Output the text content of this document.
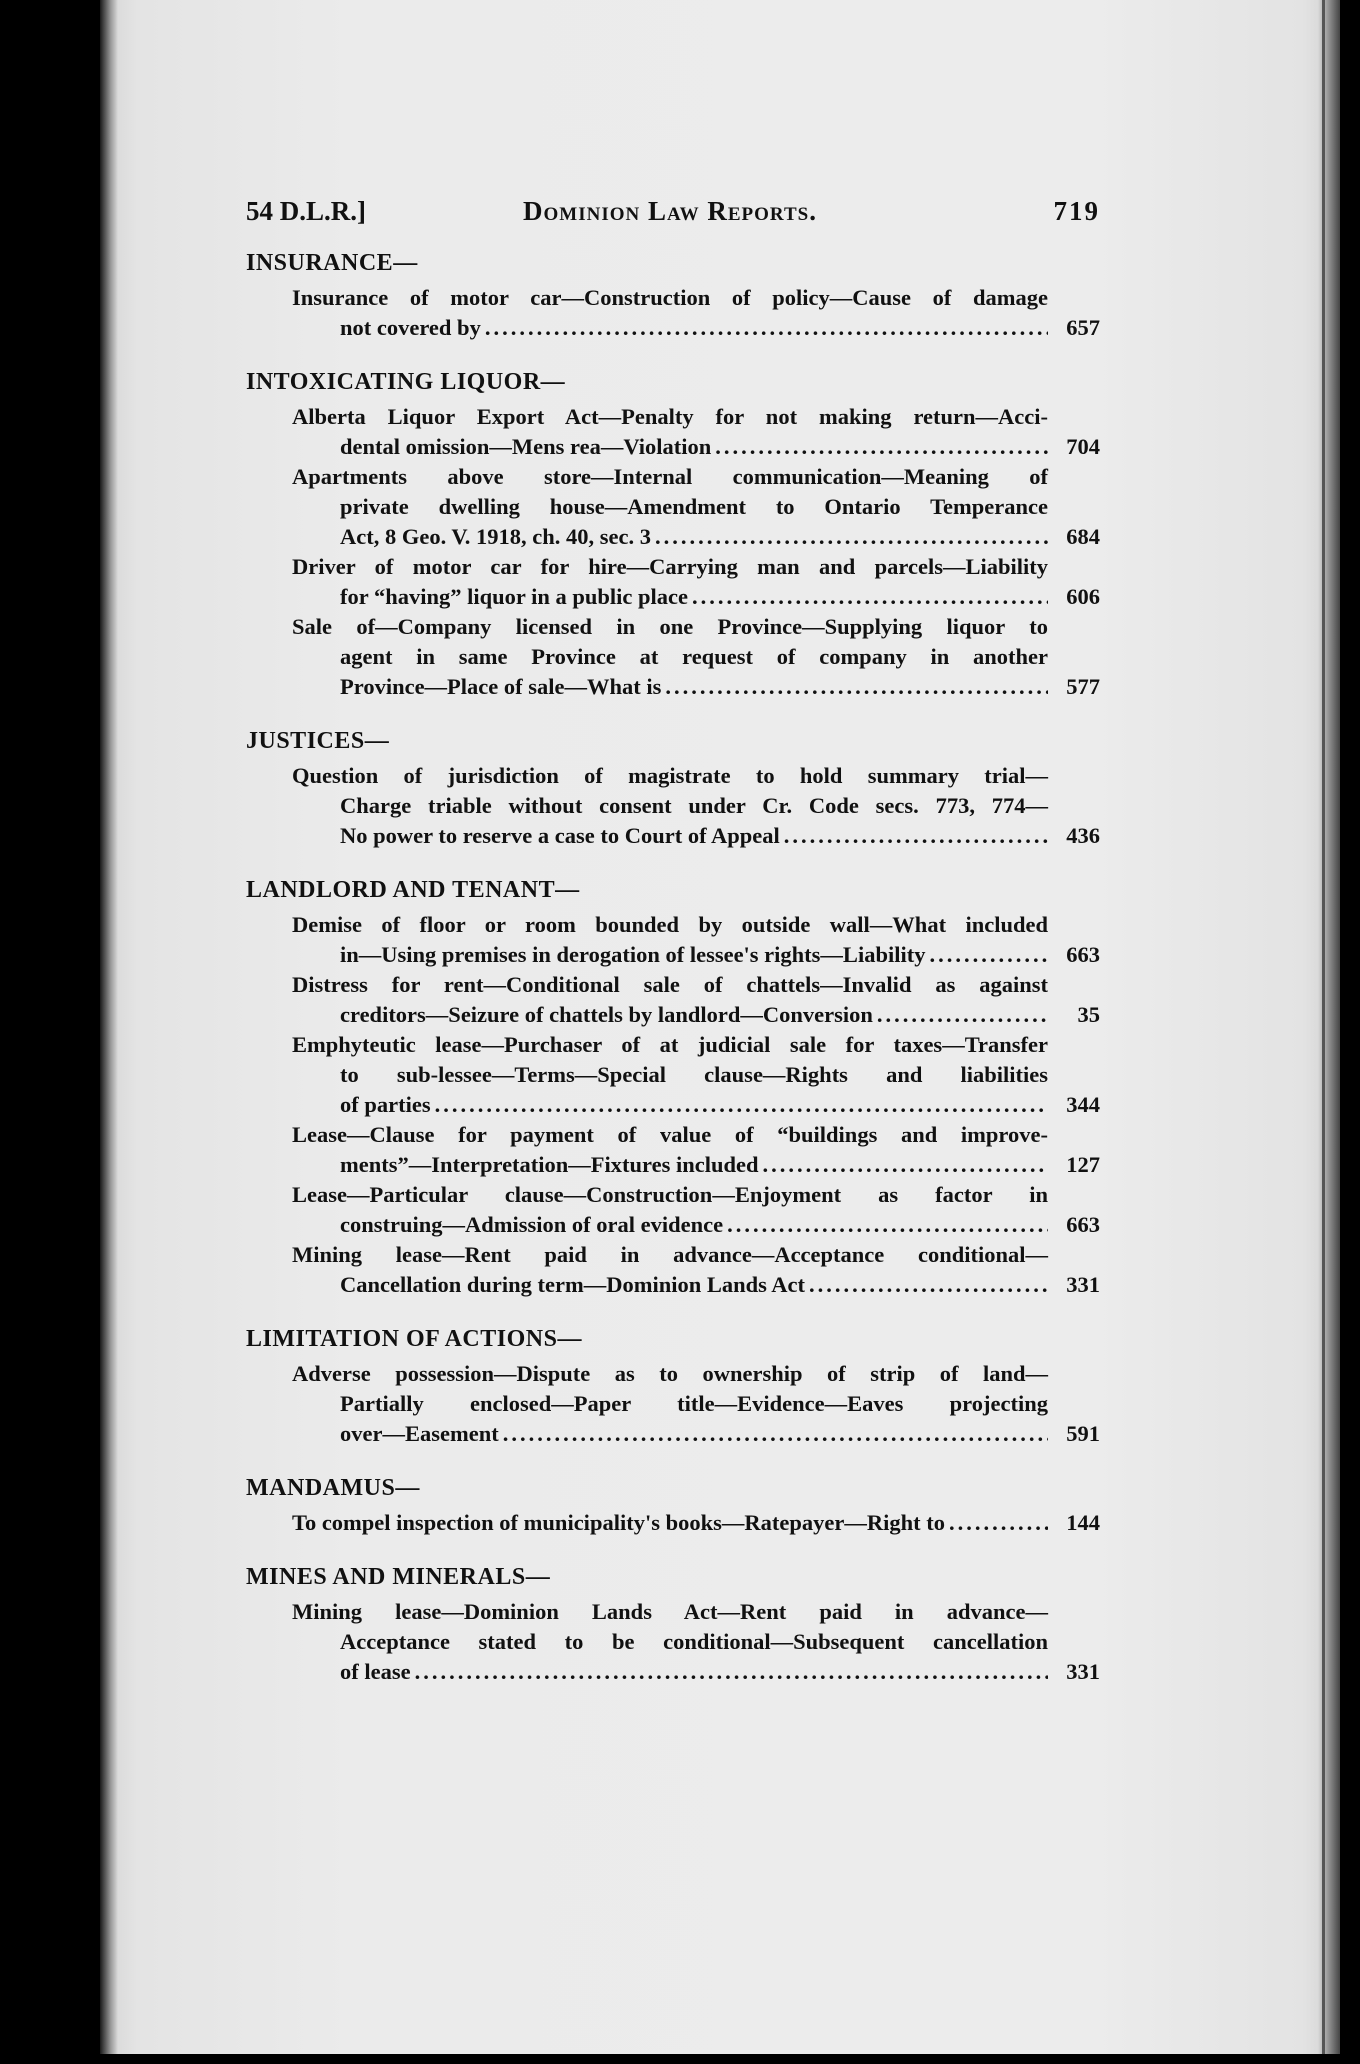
54 D.L.R.]	Dominion Law Reports.	719
INSURANCE—
Insurance of motor car—Construction of policy—Cause of damage
not covered by .....	657
INTOXICATING LIQUOR—
Alberta Liquor Export Act—Penalty for not making return—Acci-
dental omission—Mens rea—Violation .....	704
Apartments above store—Internal communication—Meaning of
private dwelling house—Amendment to Ontario Temperance
Act, 8 Geo. V. 1918, ch. 40, sec. 3 .....	684
Driver of motor car for hire—Carrying man and parcels—Liability
for “having” liquor in a public place .....	606
Sale of—Company licensed in one Province—Supplying liquor to
agent in same Province at request of company in another
Province—Place of sale—What is .....	577
JUSTICES—
Question of jurisdiction of magistrate to hold summary trial—
Charge triable without consent under Cr. Code secs. 773, 774—
No power to reserve a case to Court of Appeal .....	436
LANDLORD AND TENANT—
Demise of floor or room bounded by outside wall—What included
in—Using premises in derogation of lessee's rights—Liability .....	663
Distress for rent—Conditional sale of chattels—Invalid as against
creditors—Seizure of chattels by landlord—Conversion .....	35
Emphyteutic lease—Purchaser of at judicial sale for taxes—Transfer
to sub-lessee—Terms—Special clause—Rights and liabilities
of parties .....	344
Lease—Clause for payment of value of “buildings and improve-
ments”—Interpretation—Fixtures included .....	127
Lease—Particular clause—Construction—Enjoyment as factor in
construing—Admission of oral evidence .....	663
Mining lease—Rent paid in advance—Acceptance conditional—
Cancellation during term—Dominion Lands Act .....	331
LIMITATION OF ACTIONS—
Adverse possession—Dispute as to ownership of strip of land—
Partially enclosed—Paper title—Evidence—Eaves projecting
over—Easement .....	591
MANDAMUS—
To compel inspection of municipality's books—Ratepayer—Right to .....	144
MINES AND MINERALS—
Mining lease—Dominion Lands Act—Rent paid in advance—
Acceptance stated to be conditional—Subsequent cancellation
of lease .....	331
